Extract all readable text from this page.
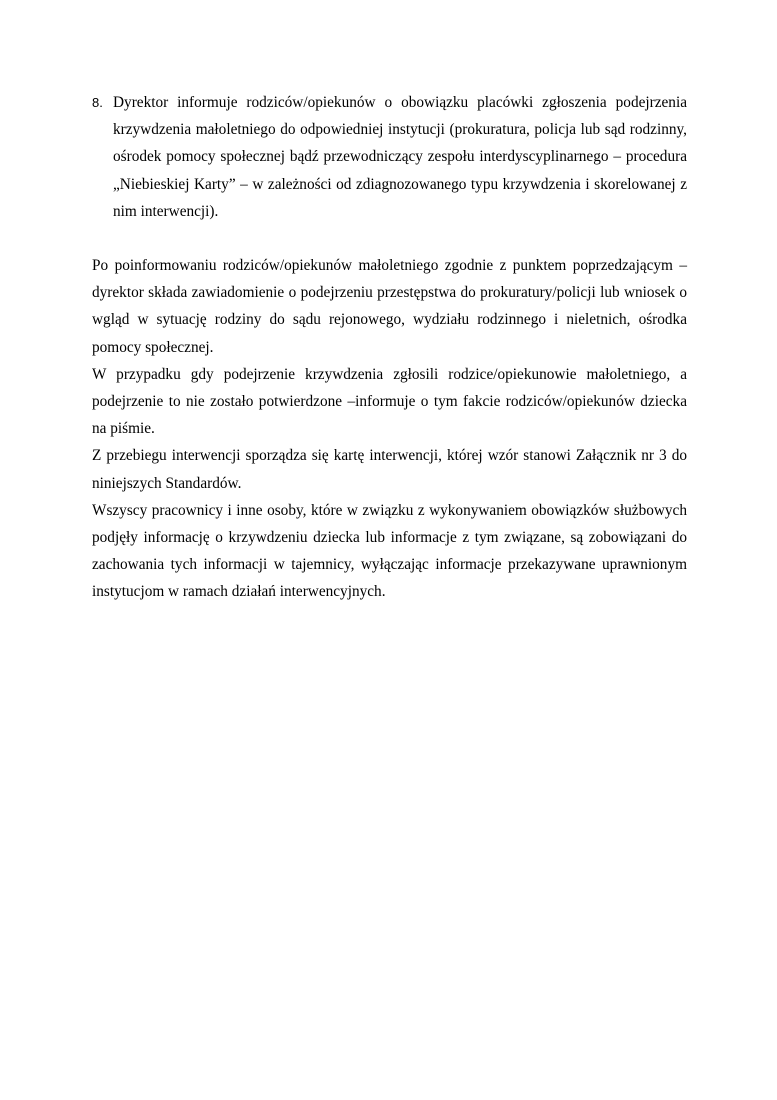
8. Dyrektor informuje rodziców/opiekunów o obowiązku placówki zgłoszenia podejrzenia krzywdzenia małoletniego do odpowiedniej instytucji (prokuratura, policja lub sąd rodzinny, ośrodek pomocy społecznej bądź przewodniczący zespołu interdyscyplinarnego – procedura „Niebieskiej Karty” – w zależności od zdiagnozowanego typu krzywdzenia i skorelowanej z nim interwencji).

Po poinformowaniu rodziców/opiekunów małoletniego zgodnie z punktem poprzedzającym – dyrektor składa zawiadomienie o podejrzeniu przestępstwa do prokuratury/policji lub wniosek o wgląd w sytuację rodziny do sądu rejonowego, wydziału rodzinnego i nieletnich, ośrodka pomocy społecznej.

W przypadku gdy podejrzenie krzywdzenia zgłosili rodzice/opiekunowie małoletniego, a podejrzenie to nie zostało potwierdzone –informuje o tym fakcie rodziców/opiekunów dziecka na piśmie.

Z przebiegu interwencji sporządza się kartę interwencji, której wzór stanowi Załącznik nr 3 do niniejszych Standardów.

Wszyscy pracownicy i inne osoby, które w związku z wykonywaniem obowiązków służbowych podjęły informację o krzywdzeniu dziecka lub informacje z tym związane, są zobowiązani do zachowania tych informacji w tajemnicy, wyłączając informacje przekazywane uprawnionym instytucjom w ramach działań interwencyjnych.
